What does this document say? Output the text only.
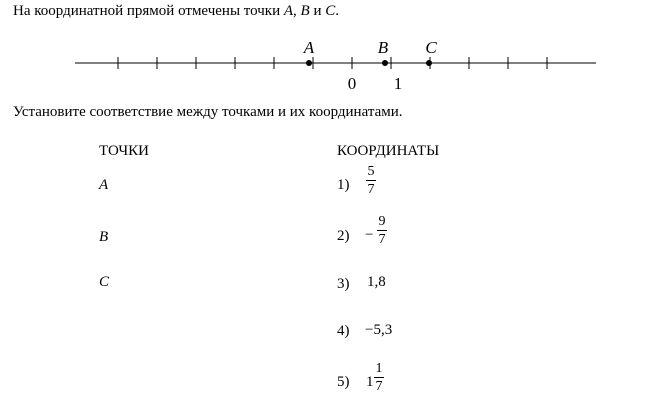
На координатной прямой отмечены точки A, B и C.
A	B C
0 1
Установите соответствие между точками и их координатами.
ТОЧКИ	КООРДИНАТЫ
A
B
C
1)
5
7
2) −
9
7
3) 1,8
4) −5,3
5) 1
1
7
